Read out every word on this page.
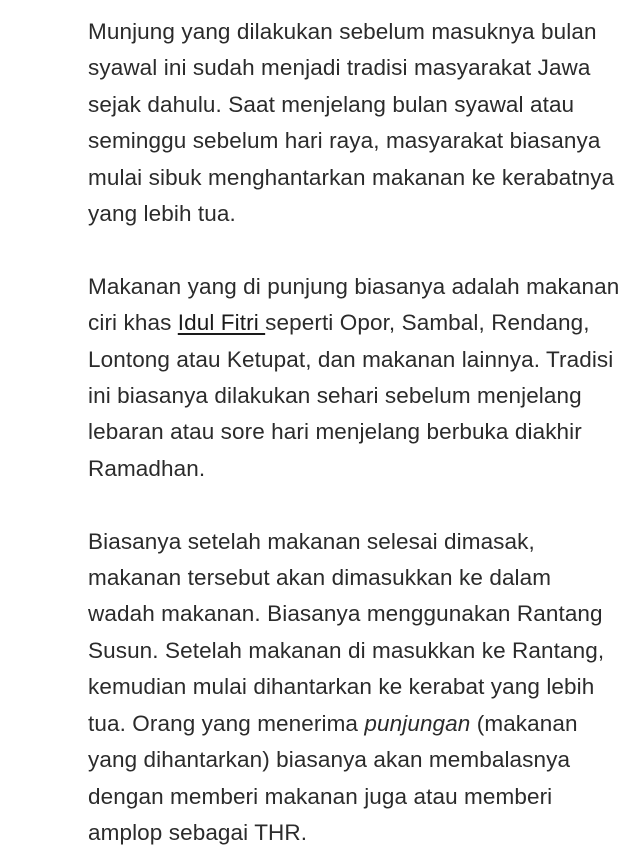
Munjung yang dilakukan sebelum masuknya bulan syawal ini sudah menjadi tradisi masyarakat Jawa sejak dahulu. Saat menjelang bulan syawal atau seminggu sebelum hari raya, masyarakat biasanya mulai sibuk menghantarkan makanan ke kerabatnya yang lebih tua.

Makanan yang di punjung biasanya adalah makanan ciri khas Idul Fitri seperti Opor, Sambal, Rendang, Lontong atau Ketupat, dan makanan lainnya. Tradisi ini biasanya dilakukan sehari sebelum menjelang lebaran atau sore hari menjelang berbuka diakhir Ramadhan.

Biasanya setelah makanan selesai dimasak, makanan tersebut akan dimasukkan ke dalam wadah makanan. Biasanya menggunakan Rantang Susun. Setelah makanan di masukkan ke Rantang, kemudian mulai dihantarkan ke kerabat yang lebih tua. Orang yang menerima punjungan (makanan yang dihantarkan) biasanya akan membalasnya dengan memberi makanan juga atau memberi amplop sebagai THR.
